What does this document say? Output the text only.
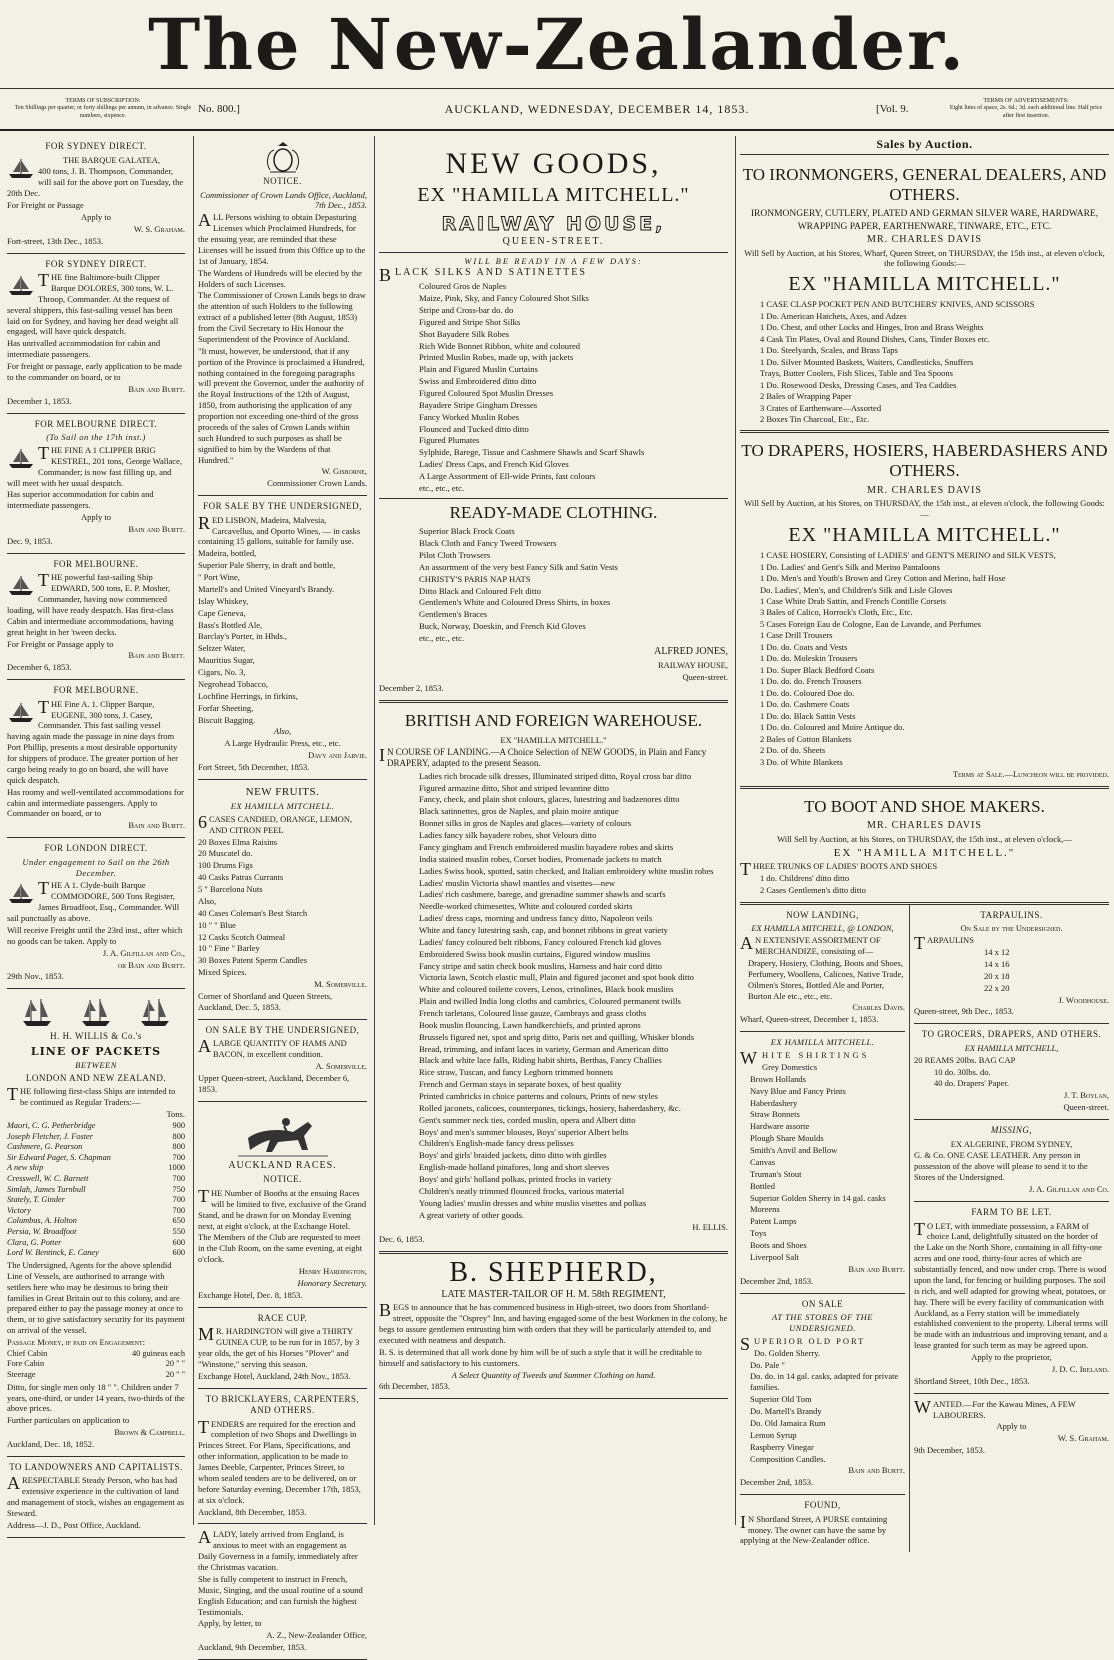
The New-Zealander.
TERMS OF SUBSCRIPTION:
Ten Shillings per quarter, or forty shillings per annum, in advance. Single numbers, sixpence.
No. 800.]	AUCKLAND, WEDNESDAY, DECEMBER 14, 1853.	[Vol. 9.
TERMS OF ADVERTISEMENTS:
Eight lines of space, 2s. 6d.; 3d. each additional line. Half price after first insertion.
FOR SYDNEY DIRECT.

THE BARQUE GALATEA,

400 tons, J. B. Thompson, Commander, will sail for the above port on Tuesday, the 20th Dec.

For Freight or Passage

Apply to

W. S. Graham.

Fort-street, 13th Dec., 1853.

FOR SYDNEY DIRECT.

THE fine Baltimore-built Clipper Barque DOLORES, 300 tons, W. L. Throop, Commander. At the request of several shippers, this fast-sailing vessel has been laid on for Sydney, and having her dead weight all engaged, will have quick despatch.

Has unrivalled accommodation for cabin and intermediate passengers.

For freight or passage, early application to be made to the commander on board, or to

Bain and Burtt.

December 1, 1853.

FOR MELBOURNE DIRECT.
(To Sail on the 17th inst.)

THE FINE A 1 CLIPPER BRIG KESTREL, 201 tons, George Wallace, Commander; is now fast filling up, and will meet with her usual despatch.

Has superior accommodation for cabin and intermediate passengers.

Apply to

Bain and Burtt.

Dec. 9, 1853.

FOR MELBOURNE.

THE powerful fast-sailing Ship EDWARD, 500 tons, E. P. Mosher, Commander, having now commenced loading, will have ready despatch. Has first-class Cabin and intermediate accommodations, having great height in her 'tween decks.

For Freight or Passage apply to

Bain and Burtt.

December 6, 1853.

FOR MELBOURNE.

THE Fine A. 1. Clipper Barque, EUGENE, 300 tons, J. Casey, Commander. This fast sailing vessel having again made the passage in nine days from Port Phillip, presents a most desirable opportunity for shippers of produce. The greater portion of her cargo being ready to go on board, she will have quick despatch.

Has roomy and well-ventilated accommodations for cabin and intermediate passengers. Apply to Commander on board, or to

Bain and Burtt.

FOR LONDON DIRECT.
Under engagement to Sail on the 26th December.

THE A 1. Clyde-built Barque COMMODORE, 500 Tons Register, James Broadfoot, Esq., Commander. Will sail punctually as above.

Will receive Freight until the 23rd inst., after which no goods can be taken. Apply to

J. A. Gilfillan and Co.,

or Bain and Burtt.

29th Nov., 1853.

H. H. WILLIS & Co.'s
LINE OF PACKETS
BETWEEN
LONDON AND NEW ZEALAND.

THE following first-class Ships are intended to be continued as Regular Traders:—

Tons.

Maori, C. G. Petherbridge	900
Joseph Fletcher, J. Foster	800
Cashmere, G. Pearson	800
Sir Edward Paget, S. Chapman	700
A new ship	1000
Cresswell, W. C. Barnett	700
Simlah, James Turnbull	750
Stately, T. Ginder	700
Victory	700
Columbus, A. Holton	650
Persia, W. Broadfoot	550
Clara, G. Potter	600
Lord W. Bentinck, E. Caney	600

The Undersigned, Agents for the above splendid Line of Vessels, are authorised to arrange with settlers here who may be desirous to bring their families in Great Britain out to this colony, and are prepared either to pay the passage money at once to them, or to give satisfactory security for its payment on arrival of the vessel.

Passage Money, if paid on Engagement:

Chief Cabin	40 guineas each
Fore Cabin	20 " "
Steerage	20 " "

Ditto, for single men only 18 " ". Children under 7 years, one-third, or under 14 years, two-thirds of the above prices.

Further particulars on application to

Brown & Campbell.

Auckland, Dec. 18, 1852.

TO LANDOWNERS AND CAPITALISTS.

ARESPECTABLE Steady Person, who has had extensive experience in the cultivation of land and management of stock, wishes an engagement as Steward.

Address—J. D., Post Office, Auckland.

NOTICE.

Commissioner of Crown Lands Office, Auckland, 7th Dec., 1853.

ALL Persons wishing to obtain Depasturing Licenses which Proclaimed Hundreds, for the ensuing year, are reminded that these Licenses will be issued from this Office up to the 1st of January, 1854.

The Wardens of Hundreds will be elected by the Holders of such Licenses.

The Commissioner of Crown Lands begs to draw the attention of such Holders to the following extract of a published letter (8th August, 1853) from the Civil Secretary to His Honour the Superintendent of the Province of Auckland.

"It must, however, be understood, that if any portion of the Province is proclaimed a Hundred, nothing contained in the foregoing paragraphs will prevent the Governor, under the authority of the Royal Instructions of the 12th of August, 1850, from authorising the application of any proportion not exceeding one-third of the gross proceeds of the sales of Crown Lands within such Hundred to such purposes as shall be signified to him by the Wardens of that Hundred."

W. Gisborne,

Commissioner Crown Lands.

FOR SALE BY THE UNDERSIGNED,

RED LISBON, Madeira, Malvesia, Carcavellus, and Oporto Wines, — in casks containing 15 gallons, suitable for family use.

Madeira, bottled,

Superior Pale Sherry, in draft and bottle,

" Port Wine,

Martell's and United Vineyard's Brandy.

Islay Whiskey,

Cape Geneva,

Bass's Bottled Ale,

Barclay's Porter, in Hhds.,

Seltzer Water,

Mauritius Sugar,

Cigars, No. 3,

Negrohead Tobacco,

Lochfine Herrings, in firkins,

Forfar Sheeting,

Biscuit Bagging.

Also,

A Large Hydraulic Press, etc., etc.

Davy and Jarvie.

Fort Street, 5th December, 1853.

NEW FRUITS.
EX HAMILLA MITCHELL.

6CASES CANDIED, ORANGE, LEMON, AND CITRON PEEL

20 Boxes Elma Raisins

20 Muscatel do.

100 Drums Figs

40 Casks Patras Currants

5 " Barcelona Nuts

Also,

40 Cases Coleman's Best Starch

10 " " Blue

12 Casks Scotch Oatmeal

10 " Fine " Barley

30 Boxes Patent Sperm Candles

Mixed Spices.

M. Somerville.

Corner of Shortland and Queen Streets, Auckland, Dec. 5, 1853.

ON SALE BY THE UNDERSIGNED,

ALARGE QUANTITY OF HAMS AND BACON, in excellent condition.

A. Somerville.

Upper Queen-street, Auckland, December 6, 1853.

AUCKLAND RACES.
NOTICE.

THE Number of Booths at the ensuing Races will be limited to five, exclusive of the Grand Stand, and be drawn for on Monday Evening next, at eight o'clock, at the Exchange Hotel.

The Members of the Club are requested to meet in the Club Room, on the same evening, at eight o'clock.

Henry Hardington,

Honorary Secretary.

Exchange Hotel, Dec. 8, 1853.

RACE CUP.

MR. HARDINGTON will give a THIRTY GUINEA CUP, to be run for in 1857, by 3 year olds, the get of his Horses "Plover" and "Winstone," serving this season.

Exchange Hotel, Auckland, 24th Nov., 1853.

TO BRICKLAYERS, CARPENTERS, AND OTHERS.

TENDERS are required for the erection and completion of two Shops and Dwellings in Princes Street. For Plans, Specifications, and other information, application to be made to James Deeble, Carpenter, Princes Street, to whom sealed tenders are to be delivered, on or before Saturday evening, December 17th, 1853, at six o'clock.

Auckland, 8th December, 1853.

ALADY, lately arrived from England, is anxious to meet with an engagement as Daily Governess in a family, immediately after the Christmas vacation.

She is fully competent to instruct in French, Music, Singing, and the usual routine of a sound English Education; and can furnish the highest Testimonials.

Apply, by letter, to

A. Z., New-Zealander Office,

Auckland, 9th December, 1853.

NEW GOODS,
EX "HAMILLA MITCHELL."
RAILWAY HOUSE,
QUEEN-STREET.

WILL BE READY IN A FEW DAYS:

BLACK SILKS AND SATINETTES

Coloured Gros de Naples

Maize, Pink, Sky, and Fancy Coloured Shot Silks

Stripe and Cross-bar do. do

Figured and Stripe Shot Silks

Shot Bayadere Silk Robes

Rich Wide Bonnet Ribbon, white and coloured

Printed Muslin Robes, made up, with jackets

Plain and Figured Muslin Curtains

Swiss and Embroidered ditto ditto

Figured Coloured Spot Muslin Dresses

Bayadere Stripe Gingham Dresses

Fancy Worked Muslin Robes

Flounced and Tucked ditto ditto

Figured Plumates

Sylphide, Barege, Tissue and Cashmere Shawls and Scarf Shawls

Ladies' Dress Caps, and French Kid Gloves

A Large Assortment of Ell-wide Prints, fast colours

etc., etc., etc.

READY-MADE CLOTHING.

Superior Black Frock Coats

Black Cloth and Fancy Tweed Trowsers

Pilot Cloth Trowsers

An assortment of the very best Fancy Silk and Satin Vests

CHRISTY'S PARIS NAP HATS

Ditto Black and Coloured Felt ditto

Gentlemen's White and Coloured Dress Shirts, in boxes

Gentlemen's Braces

Buck, Norway, Doeskin, and French Kid Gloves

etc., etc., etc.

ALFRED JONES,

RAILWAY HOUSE,

Queen-street.

December 2, 1853.

BRITISH AND FOREIGN WAREHOUSE.

EX "HAMILLA MITCHELL."

IN COURSE OF LANDING.—A Choice Selection of NEW GOODS, in Plain and Fancy DRAPERY, adapted to the present Season.

Ladies rich brocade silk dresses, Illuminated striped ditto, Royal cross bar ditto

Figured armazine ditto, Shot and striped levantine ditto

Fancy, check, and plain shot colours, glaces, lutestring and badzenores ditto

Black satinnettes, gros de Naples, and plain moire antique

Bonnet silks in gros de Naples and glaces—variety of colours

Ladies fancy silk bayadere robes, shot Velours ditto

Fancy gingham and French embroidered muslin bayadere robes and skirts

India stained muslin robes, Corset bodies, Promenade jackets to match

Ladies Swiss book, spotted, satin checked, and Italian embroidery white muslin robes

Ladies' muslin Victoria shawl mantles and visettes—new

Ladies' rich cashmere, barege, and grenadine summer shawls and scarfs

Needle-worked chimesettes, White and coloured corded skirts

Ladies' dress caps, morning and undress fancy ditto, Napoleon veils

White and fancy lutestring sash, cap, and bonnet ribbons in great variety

Ladies' fancy coloured belt ribbons, Fancy coloured French kid gloves

Embroidered Swiss book muslin curtains, Figured window muslins

Fancy stripe and satin check book muslins, Harness and hair cord ditto

Victoria lawn, Scotch elastic mull, Plain and figured jaconet and spot book ditto

White and coloured toilette covers, Lenos, crinolines, Black book muslins

Plain and twilled India long cloths and cambrics, Coloured permanent twills

French tarletans, Coloured lisse gauze, Cambrays and grass cloths

Book muslin flouncing, Lawn handkerchiefs, and printed aprons

Brussels figured net, spot and sprig ditto, Paris net and quilling, Whisker blonds

Bread, trimming, and infant laces in variety, German and American ditto

Black and white lace falls, Riding habit shirts, Berthas, Fancy Challies

Rice straw, Tuscan, and fancy Leghorn trimmed bonnets

French and German stays in separate boxes, of best quality

Printed cambricks in choice patterns and colours, Prints of new styles

Rolled jaconets, calicoes, counterpanes, tickings, hosiery, haberdashery, &c.

Gent's summer neck ties, corded muslin, opera and Albert ditto

Boys' and men's summer blouses, Boys' superior Albert belts

Children's English-made fancy dress pelisses

Boys' and girls' braided jackets, ditto ditto with girdles

English-made holland pinafores, long and short sleeves

Boys' and girls' holland polkas, printed frocks in variety

Children's neatly trimmed flounced frocks, various material

Young ladies' muslin dresses and white muslin visettes and polkas

A great variety of other goods.

H. ELLIS.

Dec. 6, 1853.

B. SHEPHERD,

LATE MASTER-TAILOR OF H. M. 58th REGIMENT,

BEGS to announce that he has commenced business in High-street, two doors from Shortland-street, opposite the "Osprey" Inn, and having engaged some of the best Workmen in the colony, he begs to assure gentlemen entrusting him with orders that they will be particularly attended to, and executed with neatness and despatch.

B. S. is determined that all work done by him will be of such a style that it will be creditable to himself and satisfactory to his customers.

A Select Quantity of Tweeds and Summer Clothing on hand.

6th December, 1853.

Sales by Auction.
TO IRONMONGERS, GENERAL DEALERS, AND OTHERS.

IRONMONGERY, CUTLERY, PLATED AND GERMAN SILVER WARE, HARDWARE, WRAPPING PAPER, EARTHENWARE, TINWARE, ETC., ETC.

MR. CHARLES DAVIS

Will Sell by Auction, at his Stores, Wharf, Queen Street, on THURSDAY, the 15th inst., at eleven o'clock, the following Goods:—

EX "HAMILLA MITCHELL."

1 CASE CLASP POCKET PEN AND BUTCHERS' KNIVES, AND SCISSORS

1 Do. American Hatchets, Axes, and Adzes

1 Do. Chest, and other Locks and Hinges, Iron and Brass Weights

4 Cask Tin Plates, Oval and Round Dishes, Cans, Tinder Boxes etc.

1 Do. Steelyards, Scales, and Brass Taps

1 Do. Silver Mounted Baskets, Waiters, Candlesticks, Snuffers

Trays, Butter Coolers, Fish Slices, Table and Tea Spoons

1 Do. Rosewood Desks, Dressing Cases, and Tea Caddies

2 Bales of Wrapping Paper

3 Crates of Earthenware—Assorted

2 Boxes Tin Charcoal, Etc., Etc.

TO DRAPERS, HOSIERS, HABERDASHERS AND OTHERS.

MR. CHARLES DAVIS

Will Sell by Auction, at his Stores, on THURSDAY, the 15th inst., at eleven o'clock, the following Goods:—

EX "HAMILLA MITCHELL."

1 CASE HOSIERY, Consisting of LADIES' and GENT'S MERINO and SILK VESTS,

1 Do. Ladies' and Gent's Silk and Merino Pantaloons

1 Do. Men's and Youth's Brown and Grey Cotton and Merino, half Hose

Do. Ladies', Men's, and Children's Silk and Lisle Gloves

1 Case White Drab Sattin, and French Contille Corsets

3 Bales of Calico, Horrock's Cloth, Etc., Etc.

5 Cases Foreign Eau de Cologne, Eau de Lavande, and Perfumes

1 Case Drill Trousers

1 Do. do. Coats and Vests

1 Do. do. Moleskin Trousers

1 Do. Super Black Bedford Coats

1 Do. do. do. French Trousers

1 Do. do. Coloured Doe do.

1 Do. do. Cashmere Coats

1 Do. do. Black Sattin Vests

1 Do. do. Coloured and Moire Antique do.

2 Bales of Cotton Blankets

2 Do. of do. Sheets

3 Do. of White Blankets

Terms at Sale.—Luncheon will be provided.

TO BOOT AND SHOE MAKERS.

MR. CHARLES DAVIS

Will Sell by Auction, at his Stores, on THURSDAY, the 15th inst., at eleven o'clock,—

EX "HAMILLA MITCHELL."

THREE TRUNKS OF LADIES' BOOTS AND SHOES

1 do. Childrens' ditto ditto

2 Cases Gentlemen's ditto ditto

NOW LANDING,

EX HAMILLA MITCHELL, @ LONDON,

AN EXTENSIVE ASSORTMENT OF MERCHANDIZE, consisting of—

Drapery, Hosiery, Clothing, Boots and Shoes, Perfumery, Woollens, Calicoes, Native Trade, Oilmen's Stores, Bottled Ale and Porter, Burton Ale etc., etc., etc.

Charles Davis.

Wharf, Queen-street, December 1, 1853.

EX HAMILLA MITCHELL.

WHITE SHIRTINGS

Grey Domestics

Brown Hollands

Navy Blue and Fancy Prints

Haberdashery

Straw Bonnets

Hardware assorte

Plough Share Moulds

Smith's Anvil and Bellow

Canvas

Truman's Stout

Bottled

Superior Golden Sherry in 14 gal. casks

Moreens

Patent Lamps

Toys

Boots and Shoes

Liverpool Salt

Bain and Burtt.

December 2nd, 1853.

ON SALE
AT THE STORES OF THE UNDERSIGNED.

SUPERIOR OLD PORT

Do. Golden Sherry.

Do. Pale "

Do. do. in 14 gal. casks, adapted for private families.

Superior Old Tom

Do. Martell's Brandy

Do. Old Jamaica Rum

Lemon Syrup

Raspberry Vinegar

Composition Candles.

Bain and Burtt.

December 2nd, 1853.

FOUND,

IN Shortland Street, A PURSE containing money. The owner can have the same by applying at the New-Zealander office.

TARPAULINS.

On Sale by the Undersigned.

TARPAULINS

14 x 12

14 x 16

20 x 18

22 x 20

J. Woodhouse.

Queen-street, 9th Dec., 1853.

TO GROCERS, DRAPERS, AND OTHERS.

EX HAMILLA MITCHELL,

20 REAMS 20lbs. BAG CAP

10 do. 30lbs. do.

40 do. Drapers' Paper.

J. T. Boylan,

Queen-street.

MISSING,

EX ALGERINE, FROM SYDNEY,

G. & Co. ONE CASE LEATHER. Any person in possession of the above will please to send it to the Stores of the Undersigned.

J. A. Gilfillan and Co.

FARM TO BE LET.

TO LET, with immediate possession, a FARM of choice Land, delightfully situated on the border of the Lake on the North Shore, containing in all fifty-one acres and one rood, thirty-four acres of which are substantially fenced, and now under crop. There is wood upon the land, for fencing or building purposes. The soil is rich, and well adapted for growing wheat, potatoes, or hay. There will be every facility of communication with Auckland, as a Ferry station will be immediately established convenient to the property. Liberal terms will be made with an industrious and improving tenant, and a lease granted for such term as may be agreed upon.

Apply to the proprietor,

J. D. C. Ireland.

Shortland Street, 10th Dec., 1853.

WANTED.—For the Kawau Mines, A FEW LABOURERS.

Apply to

W. S. Graham.

9th December, 1853.
